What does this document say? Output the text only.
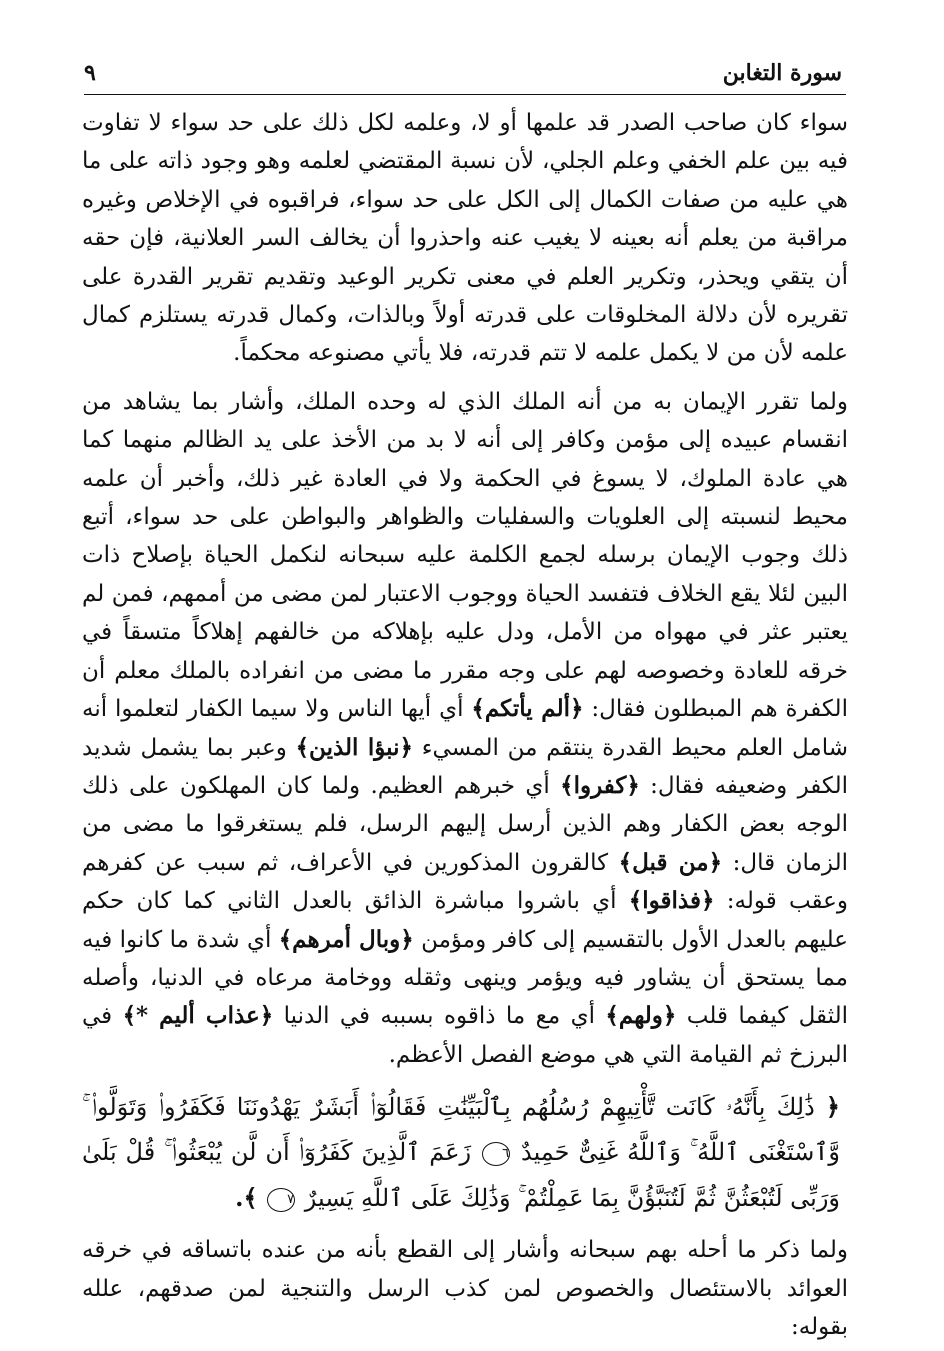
سورة التغابن
٩

سواء كان صاحب الصدر قد علمها أو لا، وعلمه لكل ذلك على حد سواء لا تفاوت فيه بين علم الخفي وعلم الجلي، لأن نسبة المقتضي لعلمه وهو وجود ذاته على ما هي عليه من صفات الكمال إلى الكل على حد سواء، فراقبوه في الإخلاص وغيره مراقبة من يعلم أنه بعينه لا يغيب عنه واحذروا أن يخالف السر العلانية، فإن حقه أن يتقي ويحذر، وتكرير العلم في معنى تكرير الوعيد وتقديم تقرير القدرة على تقريره لأن دلالة المخلوقات على قدرته أولاً وبالذات، وكمال قدرته يستلزم كمال علمه لأن من لا يكمل علمه لا تتم قدرته، فلا يأتي مصنوعه محكماً.

ولما تقرر الإيمان به من أنه الملك الذي له وحده الملك، وأشار بما يشاهد من انقسام عبيده إلى مؤمن وكافر إلى أنه لا بد من الأخذ على يد الظالم منهما كما هي عادة الملوك، لا يسوغ في الحكمة ولا في العادة غير ذلك، وأخبر أن علمه محيط لنسبته إلى العلويات والسفليات والظواهر والبواطن على حد سواء، أتبع ذلك وجوب الإيمان برسله لجمع الكلمة عليه سبحانه لنكمل الحياة بإصلاح ذات البين لئلا يقع الخلاف فتفسد الحياة ووجوب الاعتبار لمن مضى من أممهم، فمن لم يعتبر عثر في مهواه من الأمل، ودل عليه بإهلاكه من خالفهم إهلاكاً متسقاً في خرقه للعادة وخصوصه لهم على وجه مقرر ما مضى من انفراده بالملك معلم أن الكفرة هم المبطلون فقال: ﴿ألم يأتكم﴾ أي أيها الناس ولا سيما الكفار لتعلموا أنه شامل العلم محيط القدرة ينتقم من المسيء ﴿نبؤا الذين﴾ وعبر بما يشمل شديد الكفر وضعيفه فقال: ﴿كفروا﴾ أي خبرهم العظيم. ولما كان المهلكون على ذلك الوجه بعض الكفار وهم الذين أرسل إليهم الرسل، فلم يستغرقوا ما مضى من الزمان قال: ﴿من قبل﴾ كالقرون المذكورين في الأعراف، ثم سبب عن كفرهم وعقب قوله: ﴿فذاقوا﴾ أي باشروا مباشرة الذائق بالعدل الثاني كما كان حكم عليهم بالعدل الأول بالتقسيم إلى كافر ومؤمن ﴿وبال أمرهم﴾ أي شدة ما كانوا فيه مما يستحق أن يشاور فيه ويؤمر وينهى وثقله ووخامة مرعاه في الدنيا، وأصله الثقل كيفما قلب ﴿ولهم﴾ أي مع ما ذاقوه بسببه في الدنيا ﴿عذاب أليم *﴾ في البرزخ ثم القيامة التي هي موضع الفصل الأعظم.

﴿ ذَٰلِكَ بِأَنَّهُۥ كَانَت تَّأْتِيهِمْ رُسُلُهُم بِٱلْبَيِّنَٰتِ فَقَالُوٓا۟ أَبَشَرٌ يَهْدُونَنَا فَكَفَرُوا۟ وَتَوَلَّوا۟ ۚ وَّٱسْتَغْنَى ٱللَّهُ ۚ وَٱللَّهُ غَنِىٌّ حَمِيدٌ ٦ زَعَمَ ٱلَّذِينَ كَفَرُوٓا۟ أَن لَّن يُبْعَثُوا۟ ۚ قُلْ بَلَىٰ وَرَبِّى لَتُبْعَثُنَّ ثُمَّ لَتُنَبَّؤُنَّ بِمَا عَمِلْتُمْ ۚ وَذَٰلِكَ عَلَى ٱللَّهِ يَسِيرٌ ٧ ﴾.

ولما ذكر ما أحله بهم سبحانه وأشار إلى القطع بأنه من عنده باتساقه في خرقه العوائد بالاستئصال والخصوص لمن كذب الرسل والتنجية لمن صدقهم، علله بقوله:
